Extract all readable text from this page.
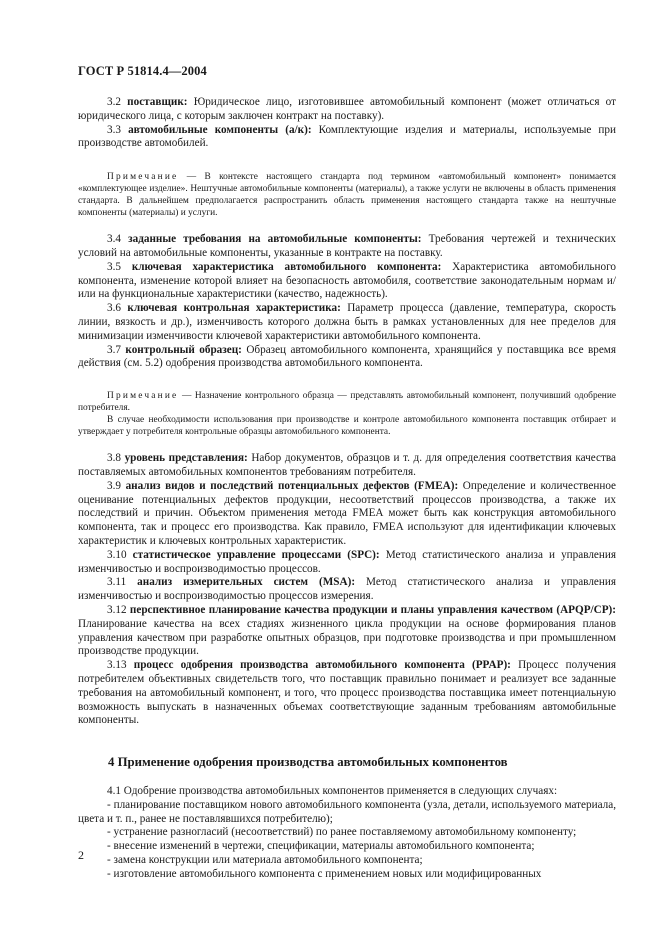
ГОСТ Р 51814.4—2004

3.2 поставщик: Юридическое лицо, изготовившее автомобильный компонент (может отличаться от юридического лица, с которым заключен контракт на поставку).

3.3 автомобильные компоненты (а/к): Комплектующие изделия и материалы, используемые при производстве автомобилей.

Примечание — В контексте настоящего стандарта под термином «автомобильный компонент» понимается «комплектующее изделие». Нештучные автомобильные компоненты (материалы), а также услуги не включены в область применения стандарта. В дальнейшем предполагается распространить область применения настоящего стандарта также на нештучные компоненты (материалы) и услуги.

3.4 заданные требования на автомобильные компоненты: Требования чертежей и технических условий на автомобильные компоненты, указанные в контракте на поставку.

3.5 ключевая характеристика автомобильного компонента: Характеристика автомобильного компонента, изменение которой влияет на безопасность автомобиля, соответствие законодательным нормам и/или на функциональные характеристики (качество, надежность).

3.6 ключевая контрольная характеристика: Параметр процесса (давление, температура, скорость линии, вязкость и др.), изменчивость которого должна быть в рамках установленных для нее пределов для минимизации изменчивости ключевой характеристики автомобильного компонента.

3.7 контрольный образец: Образец автомобильного компонента, хранящийся у поставщика все время действия (см. 5.2) одобрения производства автомобильного компонента.

Примечание — Назначение контрольного образца — представлять автомобильный компонент, получивший одобрение потребителя.

В случае необходимости использования при производстве и контроле автомобильного компонента поставщик отбирает и утверждает у потребителя контрольные образцы автомобильного компонента.

3.8 уровень представления: Набор документов, образцов и т. д. для определения соответствия качества поставляемых автомобильных компонентов требованиям потребителя.

3.9 анализ видов и последствий потенциальных дефектов (FMEA): Определение и количественное оценивание потенциальных дефектов продукции, несоответствий процессов производства, а также их последствий и причин. Объектом применения метода FMEA может быть как конструкция автомобильного компонента, так и процесс его производства. Как правило, FMEA используют для идентификации ключевых характеристик и ключевых контрольных характеристик.

3.10 статистическое управление процессами (SPC): Метод статистического анализа и управления изменчивостью и воспроизводимостью процессов.

3.11 анализ измерительных систем (MSA): Метод статистического анализа и управления изменчивостью и воспроизводимостью процессов измерения.

3.12 перспективное планирование качества продукции и планы управления качеством (APQP/CP): Планирование качества на всех стадиях жизненного цикла продукции на основе формирования планов управления качеством при разработке опытных образцов, при подготовке производства и при промышленном производстве продукции.

3.13 процесс одобрения производства автомобильного компонента (PPAP): Процесс получения потребителем объективных свидетельств того, что поставщик правильно понимает и реализует все заданные требования на автомобильный компонент, и того, что процесс производства поставщика имеет потенциальную возможность выпускать в назначенных объемах соответствующие заданным требованиям автомобильные компоненты.

4 Применение одобрения производства автомобильных компонентов

4.1 Одобрение производства автомобильных компонентов применяется в следующих случаях:

- планирование поставщиком нового автомобильного компонента (узла, детали, используемого материала, цвета и т. п., ранее не поставлявшихся потребителю);

- устранение разногласий (несоответствий) по ранее поставляемому автомобильному компоненту;

- внесение изменений в чертежи, спецификации, материалы автомобильного компонента;

- замена конструкции или материала автомобильного компонента;

- изготовление автомобильного компонента с применением новых или модифицированных

2
